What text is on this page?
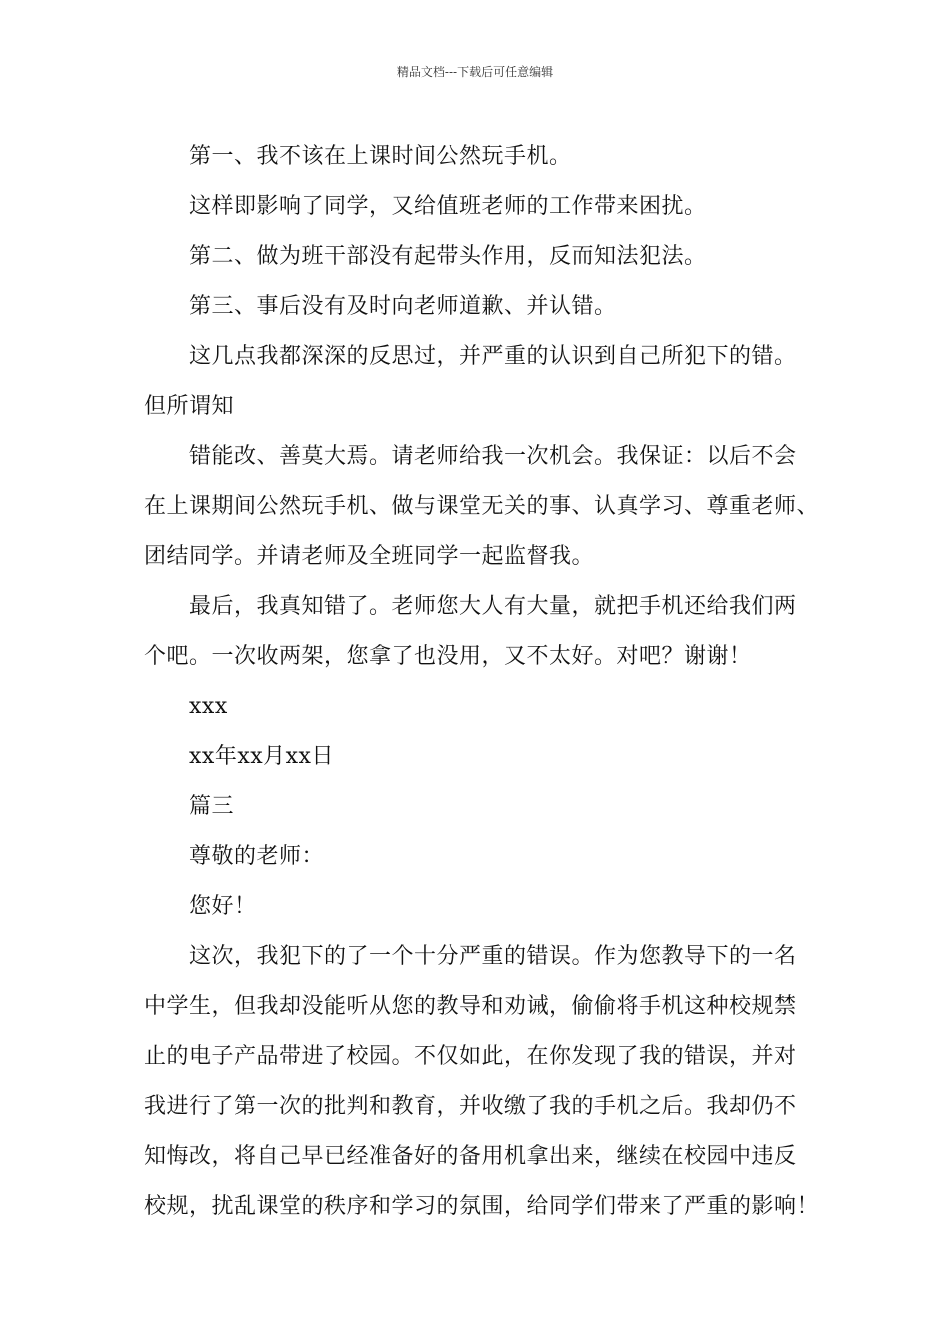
精品文档---下载后可任意编辑

第一、我不该在上课时间公然玩手机。

这样即影响了同学，又给值班老师的工作带来困扰。

第二、做为班干部没有起带头作用，反而知法犯法。

第三、事后没有及时向老师道歉、并认错。

这几点我都深深的反思过，并严重的认识到自己所犯下的错。

但所谓知

错能改、善莫大焉。请老师给我一次机会。我保证：以后不会

在上课期间公然玩手机、做与课堂无关的事、认真学习、尊重老师、

团结同学。并请老师及全班同学一起监督我。

最后，我真知错了。老师您大人有大量，就把手机还给我们两

个吧。一次收两架，您拿了也没用，又不太好。对吧？谢谢！

xxx

xx年xx月xx日

篇三

尊敬的老师：

您好！

这次，我犯下的了一个十分严重的错误。作为您教导下的一名

中学生，但我却没能听从您的教导和劝诫，偷偷将手机这种校规禁

止的电子产品带进了校园。不仅如此，在你发现了我的错误，并对

我进行了第一次的批判和教育，并收缴了我的手机之后。我却仍不

知悔改，将自己早已经准备好的备用机拿出来，继续在校园中违反

校规，扰乱课堂的秩序和学习的氛围，给同学们带来了严重的影响！
